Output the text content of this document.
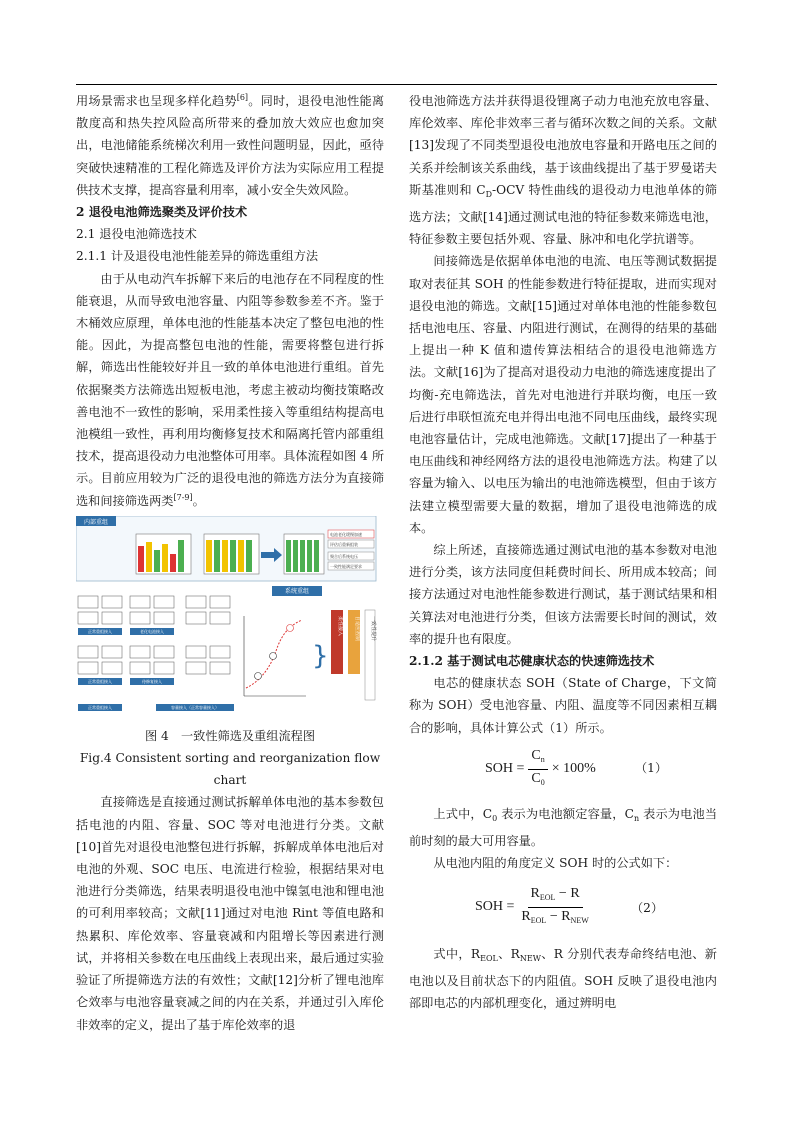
用场景需求也呈现多样化趋势[6]。同时，退役电池性能离散度高和热失控风险高所带来的叠加放大效应也愈加突出，电池储能系统梯次利用一致性问题明显，因此，亟待突破快速精准的工程化筛选及评价方法为实际应用工程提供技术支撑，提高容量利用率，减小安全失效风险。

2 退役电池筛选聚类及评价技术

2.1 退役电池筛选技术

2.1.1 计及退役电池性能差异的筛选重组方法

由于从电动汽车拆解下来后的电池存在不同程度的性能衰退，从而导致电池容量、内阻等参数参差不齐。鉴于木桶效应原理，单体电池的性能基本决定了整包电池的性能。因此，为提高整包电池的性能，需要将整包进行拆解，筛选出性能较好并且一致的单体电池进行重组。首先依据聚类方法筛选出短板电池，考虑主被动均衡技策略改善电池不一致性的影响，采用柔性接入等重组结构提高电池模组一致性，再利用均衡修复技术和隔离托管内部重组技术，提高退役动力电池整体可用率。具体流程如图 4 所示。目前应用较为广泛的退役电池的筛选方法分为直接筛选和间接筛选两类[7-9]。

内部重组
电池老化缓慢加速
评估后重新组装
聚合后系统电压
一致性能满足要求
正常重组接入	老化电池接入
正常重组接入	待修复接入
正常重组接入	容量接入（正常容量接入）
系统重组
}
柔性接入 自适应控制 一致性提升

图 4　一致性筛选及重组流程图

Fig.4 Consistent sorting and reorganization flow chart

直接筛选是直接通过测试拆解单体电池的基本参数包括电池的内阻、容量、SOC 等对电池进行分类。文献[10]首先对退役电池整包进行拆解，拆解成单体电池后对电池的外观、SOC 电压、电流进行检验，根据结果对电池进行分类筛选，结果表明退役电池中镍氢电池和锂电池的可利用率较高；文献[11]通过对电池 Rint 等值电路和热累积、库伦效率、容量衰减和内阻增长等因素进行测试，并将相关参数在电压曲线上表现出来，最后通过实验验证了所提筛选方法的有效性；文献[12]分析了锂电池库仑效率与电池容量衰减之间的内在关系，并通过引入库伦非效率的定义，提出了基于库伦效率的退

役电池筛选方法并获得退役锂离子动力电池充放电容量、库伦效率、库伦非效率三者与循环次数之间的关系。文献[13]发现了不同类型退役电池放电容量和开路电压之间的关系并绘制该关系曲线，基于该曲线提出了基于罗曼诺夫斯基准则和 $C_D$-OCV 特性曲线的退役动力电池单体的筛选方法；文献[14]通过测试电池的特征参数来筛选电池，特征参数主要包括外观、容量、脉冲和电化学抗谱等。

间接筛选是依据单体电池的电流、电压等测试数据提取对表征其 SOH 的性能参数进行特征提取，进而实现对退役电池的筛选。文献[15]通过对单体电池的性能参数包括电池电压、容量、内阻进行测试，在测得的结果的基础上提出一种 K 值和遗传算法相结合的退役电池筛选方法。文献[16]为了提高对退役动力电池的筛选速度提出了均衡-充电筛选法，首先对电池进行并联均衡，电压一致后进行串联恒流充电并得出电池不同电压曲线，最终实现电池容量估计，完成电池筛选。文献[17]提出了一种基于电压曲线和神经网络方法的退役电池筛选方法。构建了以容量为输入、以电压为输出的电池筛选模型，但由于该方法建立模型需要大量的数据，增加了退役电池筛选的成本。

综上所述，直接筛选通过测试电池的基本参数对电池进行分类，该方法同度但耗费时间长、所用成本较高；间接方法通过对电池性能参数进行测试，基于测试结果和相关算法对电池进行分类，但该方法需要长时间的测试，效率的提升也有限度。

2.1.2 基于测试电芯健康状态的快速筛选技术

电芯的健康状态 SOH（State of Charge，下文简称为 SOH）受电池容量、内阻、温度等不同因素相互耦合的影响，具体计算公式（1）所示。

SOH = $\frac{C_n}{C_0} \times 100\%$	（1）

上式中，$C_0$ 表示为电池额定容量，$C_n$ 表示为电池当前时刻的最大可用容量。

从电池内阻的角度定义 SOH 时的公式如下：

SOH = $\frac{R_{EOL} - R}{R_{EOL} - R_{NEW}}$	（2）

式中，$R_{EOL}$、$R_{NEW}$、R 分别代表寿命终结电池、新电池以及目前状态下的内阻值。SOH 反映了退役电池内部即电芯的内部机理变化，通过辨明电
